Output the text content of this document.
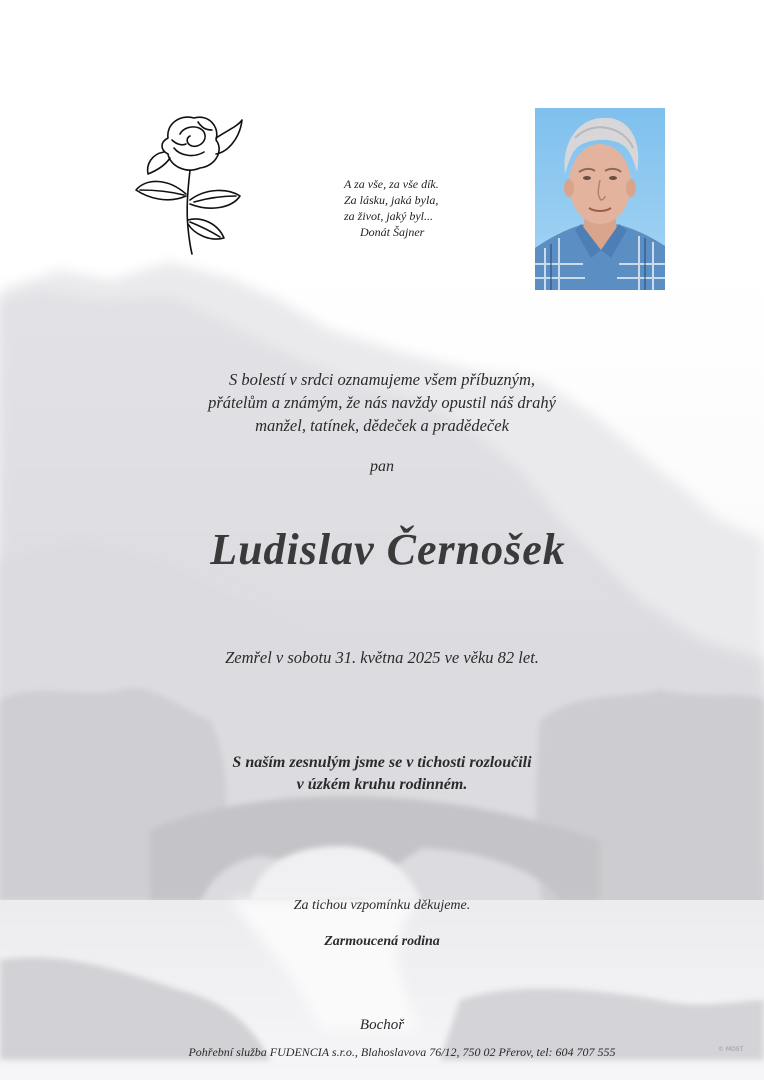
A za vše, za vše dík.
Za lásku, jaká byla,
za život, jaký byl...
Donát Šajner
S bolestí v srdci oznamujeme všem příbuzným,
přátelům a známým, že nás navždy opustil náš drahý
manžel, tatínek, dědeček a pradědeček
pan
Ludislav Černošek
Zemřel v sobotu 31. května 2025 ve věku 82 let.
S naším zesnulým jsme se v tichosti rozloučili
v úzkém kruhu rodinném.
Za tichou vzpomínku děkujeme.
Zarmoucená rodina
Bochoř
Pohřební služba FUDENCIA s.r.o., Blahoslavova 76/12, 750 02 Přerov, tel: 604 707 555	© MOST
